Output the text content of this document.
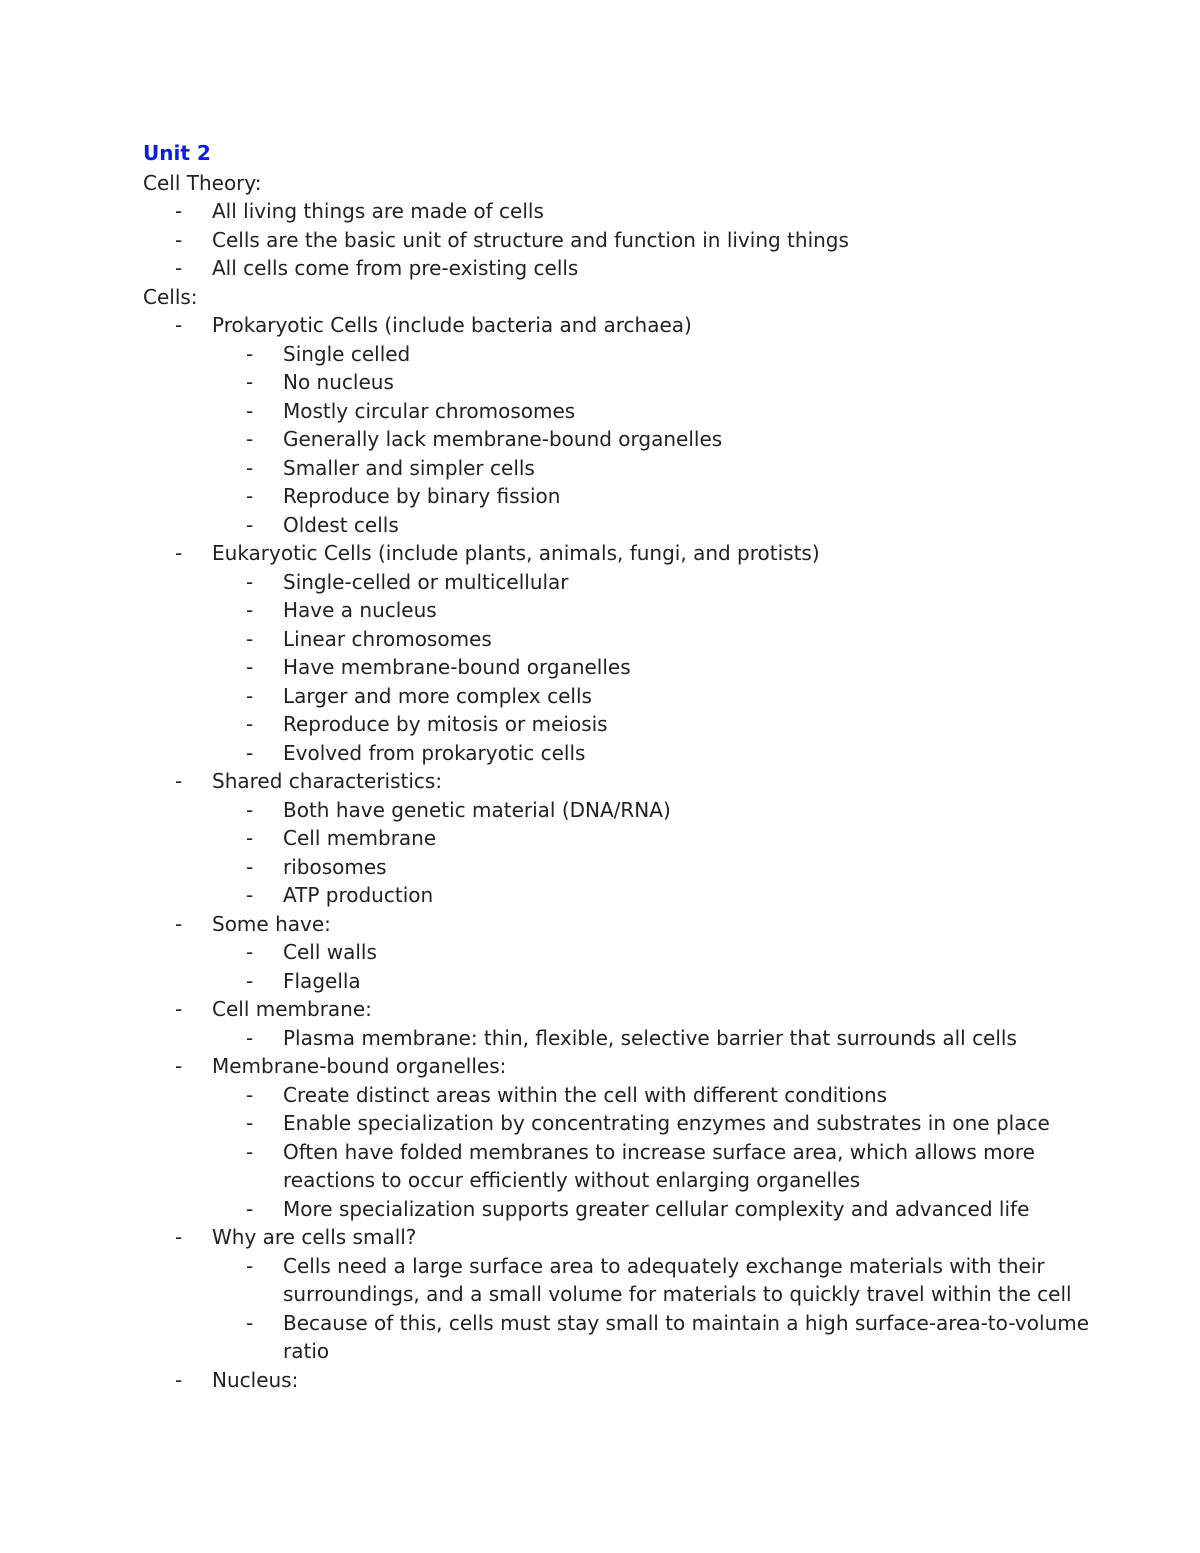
Unit 2
Cell Theory:
- All living things are made of cells
- Cells are the basic unit of structure and function in living things
- All cells come from pre-existing cells
Cells:
- Prokaryotic Cells (include bacteria and archaea)
- Single celled
- No nucleus
- Mostly circular chromosomes
- Generally lack membrane-bound organelles
- Smaller and simpler cells
- Reproduce by binary fission
- Oldest cells
- Eukaryotic Cells (include plants, animals, fungi, and protists)
- Single-celled or multicellular
- Have a nucleus
- Linear chromosomes
- Have membrane-bound organelles
- Larger and more complex cells
- Reproduce by mitosis or meiosis
- Evolved from prokaryotic cells
- Shared characteristics:
- Both have genetic material (DNA/RNA)
- Cell membrane
- ribosomes
- ATP production
- Some have:
- Cell walls
- Flagella
- Cell membrane:
- Plasma membrane: thin, flexible, selective barrier that surrounds all cells
- Membrane-bound organelles:
- Create distinct areas within the cell with different conditions
- Enable specialization by concentrating enzymes and substrates in one place
- Often have folded membranes to increase surface area, which allows more reactions to occur efficiently without enlarging organelles
- More specialization supports greater cellular complexity and advanced life
- Why are cells small?
- Cells need a large surface area to adequately exchange materials with their surroundings, and a small volume for materials to quickly travel within the cell
- Because of this, cells must stay small to maintain a high surface-area-to-volume ratio
- Nucleus:
